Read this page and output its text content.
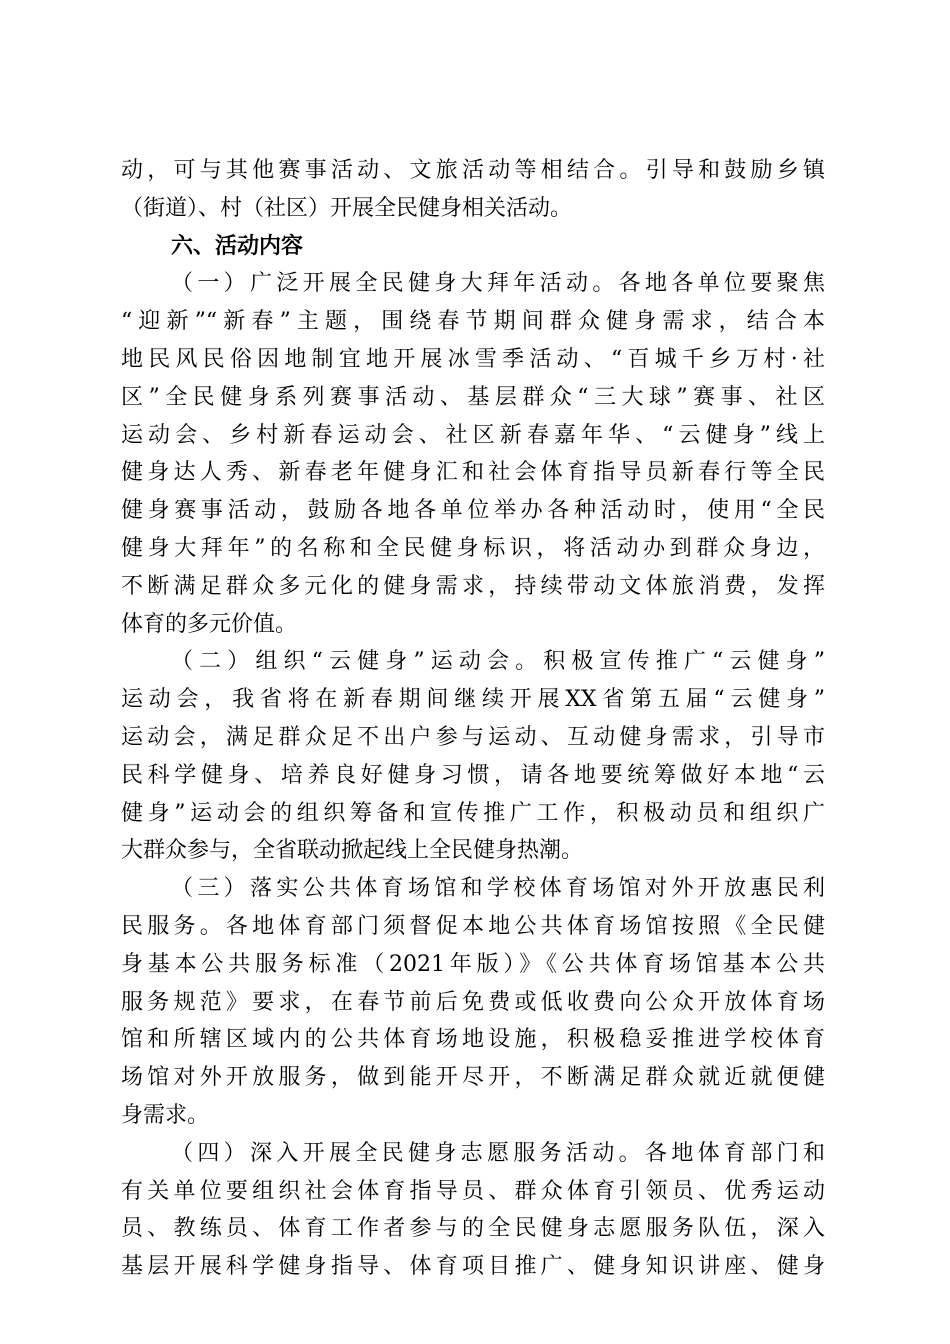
动，可与其他赛事活动、文旅活动等相结合。引导和鼓励乡镇
（街道）、村（社区）开展全民健身相关活动。
六、活动内容
（一）广泛开展全民健身大拜年活动。各地各单位要聚焦
“迎新”“新春”主题，围绕春节期间群众健身需求，结合本
地民风民俗因地制宜地开展冰雪季活动、“百城千乡万村·社
区”全民健身系列赛事活动、基层群众“三大球”赛事、社区
运动会、乡村新春运动会、社区新春嘉年华、“云健身”线上
健身达人秀、新春老年健身汇和社会体育指导员新春行等全民
健身赛事活动，鼓励各地各单位举办各种活动时，使用“全民
健身大拜年”的名称和全民健身标识，将活动办到群众身边，
不断满足群众多元化的健身需求，持续带动文体旅消费，发挥
体育的多元价值。
（二）组织“云健身”运动会。积极宣传推广“云健身”
运动会，我省将在新春期间继续开展XX省第五届“云健身”
运动会，满足群众足不出户参与运动、互动健身需求，引导市
民科学健身、培养良好健身习惯，请各地要统筹做好本地“云
健身”运动会的组织筹备和宣传推广工作，积极动员和组织广
大群众参与，全省联动掀起线上全民健身热潮。
（三）落实公共体育场馆和学校体育场馆对外开放惠民利
民服务。各地体育部门须督促本地公共体育场馆按照《全民健
身基本公共服务标准（2021年版）》《公共体育场馆基本公共
服务规范》要求，在春节前后免费或低收费向公众开放体育场
馆和所辖区域内的公共体育场地设施，积极稳妥推进学校体育
场馆对外开放服务，做到能开尽开，不断满足群众就近就便健
身需求。
（四）深入开展全民健身志愿服务活动。各地体育部门和
有关单位要组织社会体育指导员、群众体育引领员、优秀运动
员、教练员、体育工作者参与的全民健身志愿服务队伍，深入
基层开展科学健身指导、体育项目推广、健身知识讲座、健身
